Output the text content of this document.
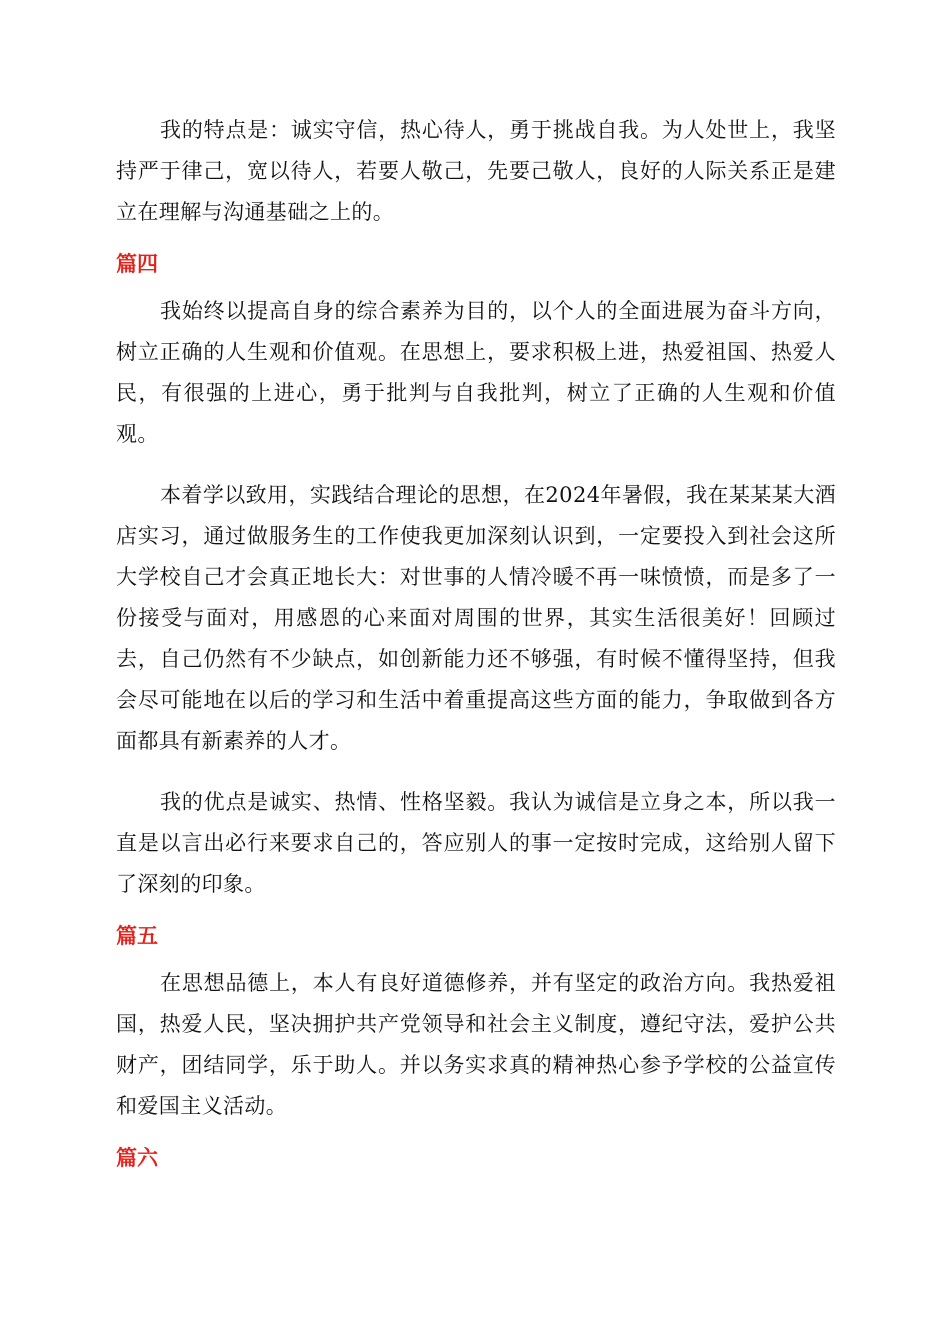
我的特点是：诚实守信，热心待人，勇于挑战自我。为人处世上，我坚持严于律己，宽以待人，若要人敬己，先要己敬人，良好的人际关系正是建立在理解与沟通基础之上的。

篇四

我始终以提高自身的综合素养为目的，以个人的全面进展为奋斗方向，树立正确的人生观和价值观。在思想上，要求积极上进，热爱祖国、热爱人民，有很强的上进心，勇于批判与自我批判，树立了正确的人生观和价值观。

本着学以致用，实践结合理论的思想，在2024年暑假，我在某某某大酒店实习，通过做服务生的工作使我更加深刻认识到，一定要投入到社会这所大学校自己才会真正地长大：对世事的人情冷暖不再一味愤愤，而是多了一份接受与面对，用感恩的心来面对周围的世界，其实生活很美好！回顾过去，自己仍然有不少缺点，如创新能力还不够强，有时候不懂得坚持，但我会尽可能地在以后的学习和生活中着重提高这些方面的能力，争取做到各方面都具有新素养的人才。

我的优点是诚实、热情、性格坚毅。我认为诚信是立身之本，所以我一直是以言出必行来要求自己的，答应别人的事一定按时完成，这给别人留下了深刻的印象。

篇五

在思想品德上，本人有良好道德修养，并有坚定的政治方向。我热爱祖国，热爱人民，坚决拥护共产党领导和社会主义制度，遵纪守法，爱护公共财产，团结同学，乐于助人。并以务实求真的精神热心参予学校的公益宣传和爱国主义活动。

篇六
